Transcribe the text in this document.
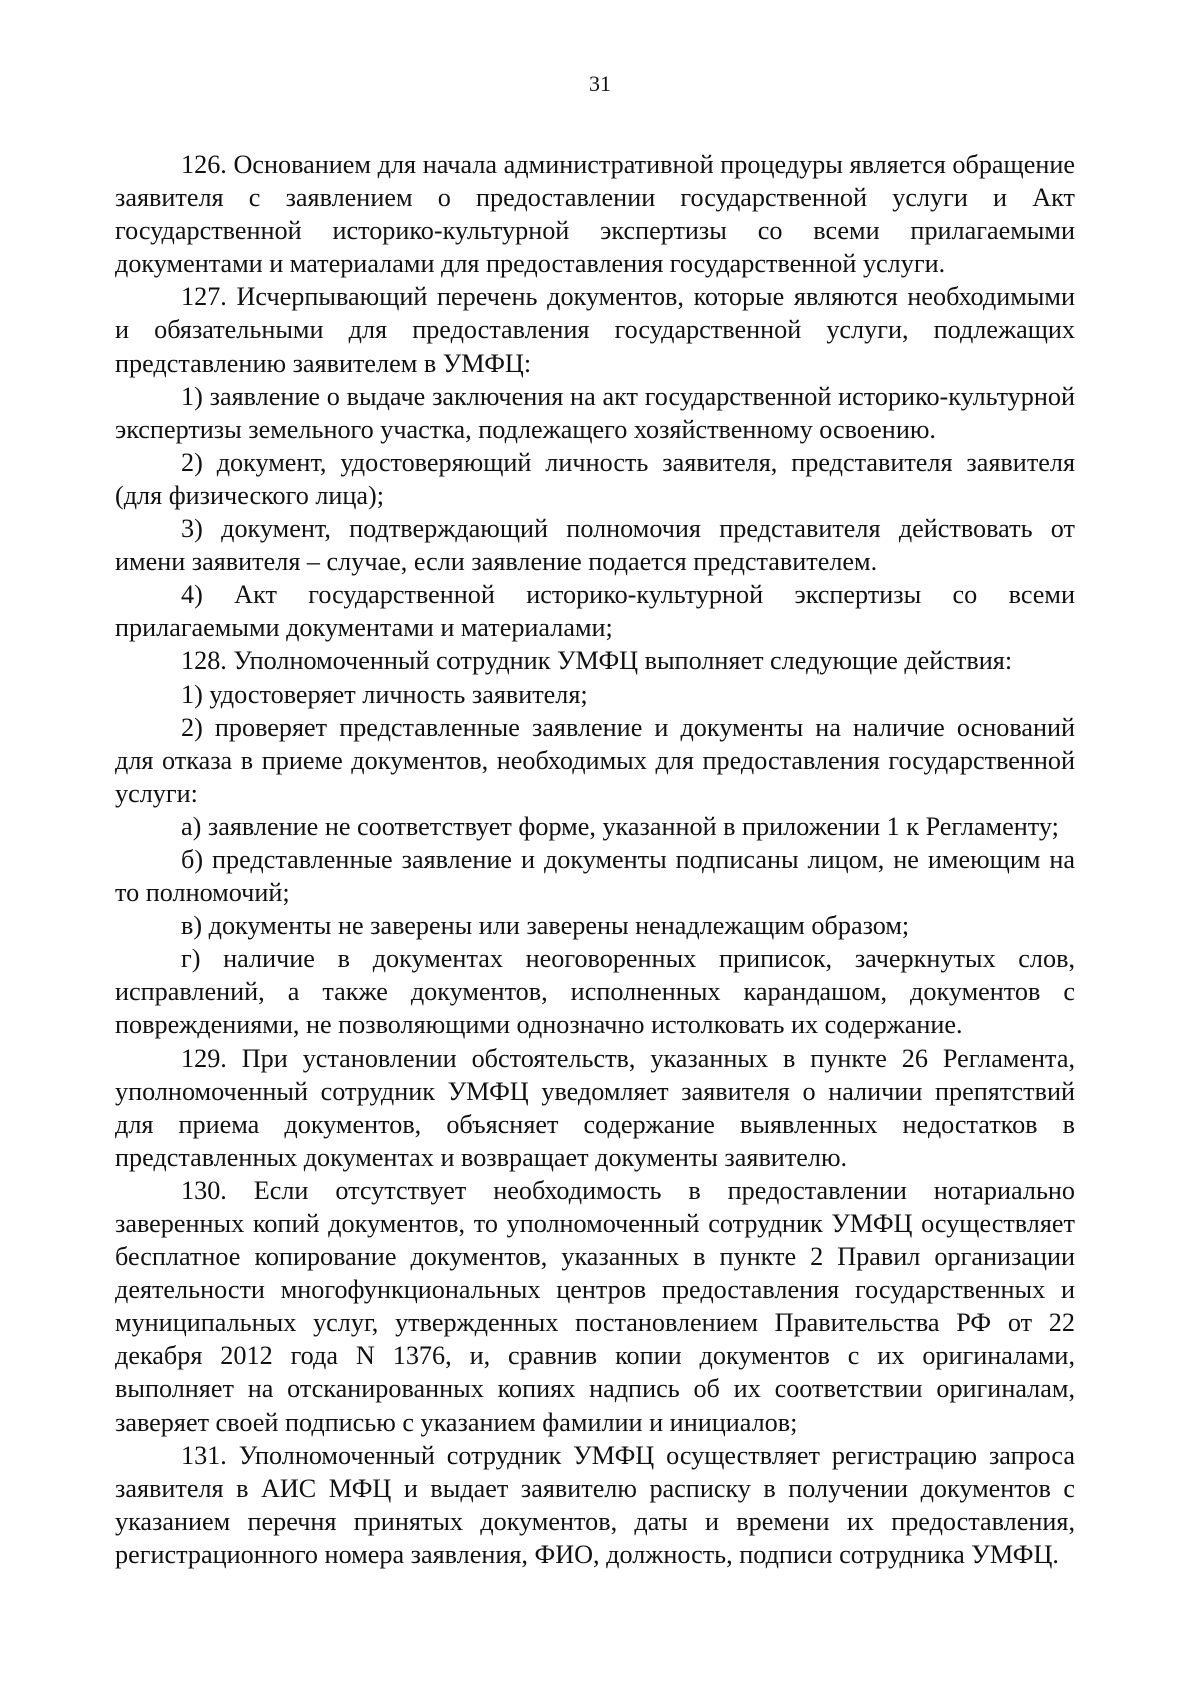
31

126. Основанием для начала административной процедуры является обращение заявителя с заявлением о предоставлении государственной услуги и Акт государственной историко-культурной экспертизы со всеми прилагаемыми документами и материалами для предоставления государственной услуги.

127. Исчерпывающий перечень документов, которые являются необходимыми и обязательными для предоставления государственной услуги, подлежащих представлению заявителем в УМФЦ:

1) заявление о выдаче заключения на акт государственной историко-культурной экспертизы земельного участка, подлежащего хозяйственному освоению.

2) документ, удостоверяющий личность заявителя, представителя заявителя (для физического лица);

3) документ, подтверждающий полномочия представителя действовать от имени заявителя – случае, если заявление подается представителем.

4) Акт государственной историко-культурной экспертизы со всеми прилагаемыми документами и материалами;

128. Уполномоченный сотрудник УМФЦ выполняет следующие действия:

1) удостоверяет личность заявителя;

2) проверяет представленные заявление и документы на наличие оснований для отказа в приеме документов, необходимых для предоставления государственной услуги:

а) заявление не соответствует форме, указанной в приложении 1 к Регламенту;

б) представленные заявление и документы подписаны лицом, не имеющим на то полномочий;

в) документы не заверены или заверены ненадлежащим образом;

г) наличие в документах неоговоренных приписок, зачеркнутых слов, исправлений, а также документов, исполненных карандашом, документов с повреждениями, не позволяющими однозначно истолковать их содержание.

129. При установлении обстоятельств, указанных в пункте 26 Регламента, уполномоченный сотрудник УМФЦ уведомляет заявителя о наличии препятствий для приема документов, объясняет содержание выявленных недостатков в представленных документах и возвращает документы заявителю.

130. Если отсутствует необходимость в предоставлении нотариально заверенных копий документов, то уполномоченный сотрудник УМФЦ осуществляет бесплатное копирование документов, указанных в пункте 2 Правил организации деятельности многофункциональных центров предоставления государственных и муниципальных услуг, утвержденных постановлением Правительства РФ от 22 декабря 2012 года N 1376, и, сравнив копии документов с их оригиналами, выполняет на отсканированных копиях надпись об их соответствии оригиналам, заверяет своей подписью с указанием фамилии и инициалов;

131. Уполномоченный сотрудник УМФЦ осуществляет регистрацию запроса заявителя в АИС МФЦ и выдает заявителю расписку в получении документов с указанием перечня принятых документов, даты и времени их предоставления, регистрационного номера заявления, ФИО, должность, подписи сотрудника УМФЦ.
